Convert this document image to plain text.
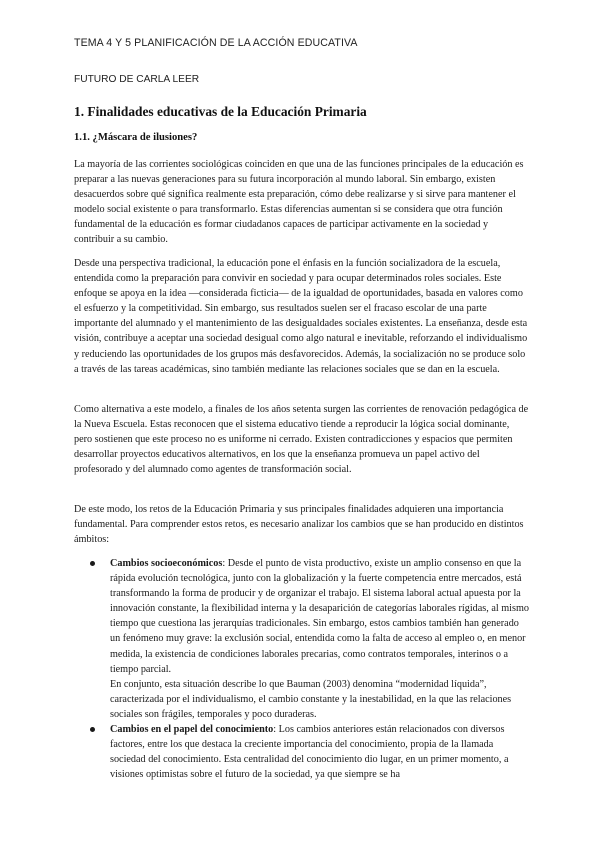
TEMA 4 Y 5 PLANIFICACIÓN DE LA ACCIÓN EDUCATIVA
FUTURO DE CARLA LEER
1. Finalidades educativas de la Educación Primaria
1.1. ¿Máscara de ilusiones?

La mayoría de las corrientes sociológicas coinciden en que una de las funciones principales de la educación es preparar a las nuevas generaciones para su futura incorporación al mundo laboral. Sin embargo, existen desacuerdos sobre qué significa realmente esta preparación, cómo debe realizarse y si sirve para mantener el modelo social existente o para transformarlo. Estas diferencias aumentan si se considera que otra función fundamental de la educación es formar ciudadanos capaces de participar activamente en la sociedad y contribuir a su cambio.

Desde una perspectiva tradicional, la educación pone el énfasis en la función socializadora de la escuela, entendida como la preparación para convivir en sociedad y para ocupar determinados roles sociales. Este enfoque se apoya en la idea —considerada ficticia— de la igualdad de oportunidades, basada en valores como el esfuerzo y la competitividad. Sin embargo, sus resultados suelen ser el fracaso escolar de una parte importante del alumnado y el mantenimiento de las desigualdades sociales existentes. La enseñanza, desde esta visión, contribuye a aceptar una sociedad desigual como algo natural e inevitable, reforzando el individualismo y reduciendo las oportunidades de los grupos más desfavorecidos. Además, la socialización no se produce solo a través de las tareas académicas, sino también mediante las relaciones sociales que se dan en la escuela.

Como alternativa a este modelo, a finales de los años setenta surgen las corrientes de renovación pedagógica de la Nueva Escuela. Estas reconocen que el sistema educativo tiende a reproducir la lógica social dominante, pero sostienen que este proceso no es uniforme ni cerrado. Existen contradicciones y espacios que permiten desarrollar proyectos educativos alternativos, en los que la enseñanza promueva un papel activo del profesorado y del alumnado como agentes de transformación social.

De este modo, los retos de la Educación Primaria y sus principales finalidades adquieren una importancia fundamental. Para comprender estos retos, es necesario analizar los cambios que se han producido en distintos ámbitos:

Cambios socioeconómicos: Desde el punto de vista productivo, existe un amplio consenso en que la rápida evolución tecnológica, junto con la globalización y la fuerte competencia entre mercados, está transformando la forma de producir y de organizar el trabajo. El sistema laboral actual apuesta por la innovación constante, la flexibilidad interna y la desaparición de categorías laborales rígidas, al mismo tiempo que cuestiona las jerarquías tradicionales. Sin embargo, estos cambios también han generado un fenómeno muy grave: la exclusión social, entendida como la falta de acceso al empleo o, en menor medida, la existencia de condiciones laborales precarias, como contratos temporales, interinos o a tiempo parcial.

En conjunto, esta situación describe lo que Bauman (2003) denomina “modernidad líquida”, caracterizada por el individualismo, el cambio constante y la inestabilidad, en la que las relaciones sociales son frágiles, temporales y poco duraderas.

Cambios en el papel del conocimiento: Los cambios anteriores están relacionados con diversos factores, entre los que destaca la creciente importancia del conocimiento, propia de la llamada sociedad del conocimiento. Esta centralidad del conocimiento dio lugar, en un primer momento, a visiones optimistas sobre el futuro de la sociedad, ya que siempre se ha
